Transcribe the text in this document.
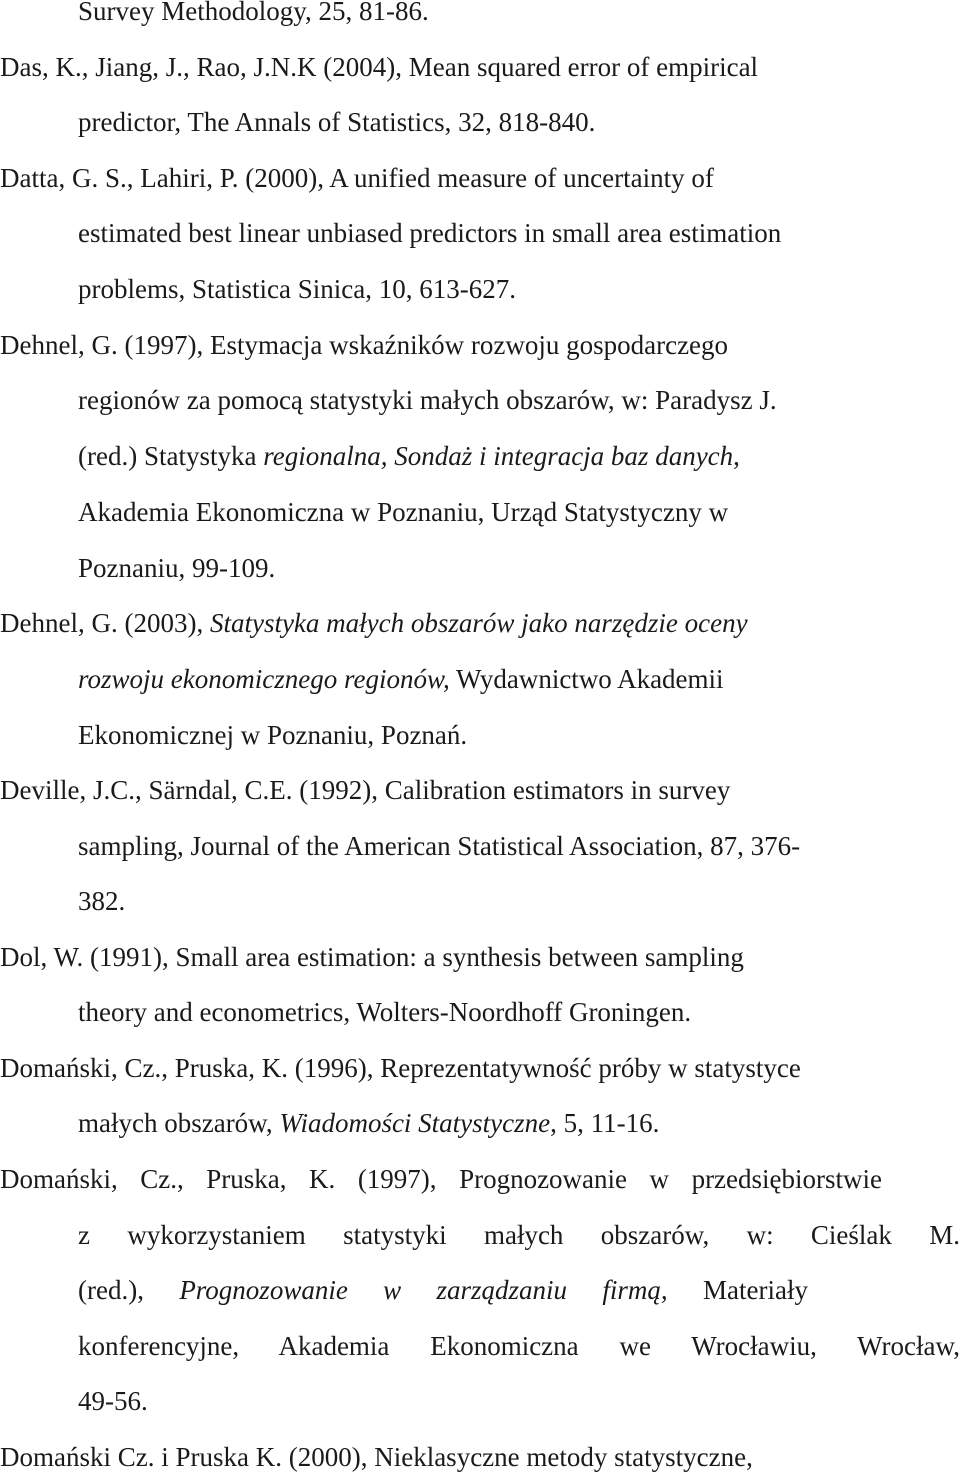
Survey Methodology, 25, 81-86.
Das, K., Jiang, J., Rao, J.N.K (2004), Mean squared error of empirical
predictor, The Annals of Statistics, 32, 818-840.
Datta, G. S., Lahiri, P. (2000), A unified measure of uncertainty of
estimated best linear unbiased predictors in small area estimation
problems, Statistica Sinica, 10, 613-627.
Dehnel, G. (1997), Estymacja wskaźników rozwoju gospodarczego
regionów za pomocą statystyki małych obszarów, w: Paradysz J.
(red.) Statystyka regionalna, Sondaż i integracja baz danych,
Akademia Ekonomiczna w Poznaniu, Urząd Statystyczny w
Poznaniu, 99-109.
Dehnel, G. (2003), Statystyka małych obszarów jako narzędzie oceny
rozwoju ekonomicznego regionów, Wydawnictwo Akademii
Ekonomicznej w Poznaniu, Poznań.
Deville, J.C., Särndal, C.E. (1992), Calibration estimators in survey
sampling, Journal of the American Statistical Association, 87, 376-
382.
Dol, W. (1991), Small area estimation: a synthesis between sampling
theory and econometrics, Wolters-Noordhoff Groningen.
Domański, Cz., Pruska, K. (1996), Reprezentatywność próby w statystyce
małych obszarów, Wiadomości Statystyczne, 5, 11-16.
Domański, Cz., Pruska, K. (1997), Prognozowanie w przedsiębiorstwie
z wykorzystaniem statystyki małych obszarów, w: Cieślak M.
(red.), Prognozowanie w zarządzaniu firmą, Materiały
konferencyjne, Akademia Ekonomiczna we Wrocławiu, Wrocław,
49-56.
Domański Cz. i Pruska K. (2000), Nieklasyczne metody statystyczne,
